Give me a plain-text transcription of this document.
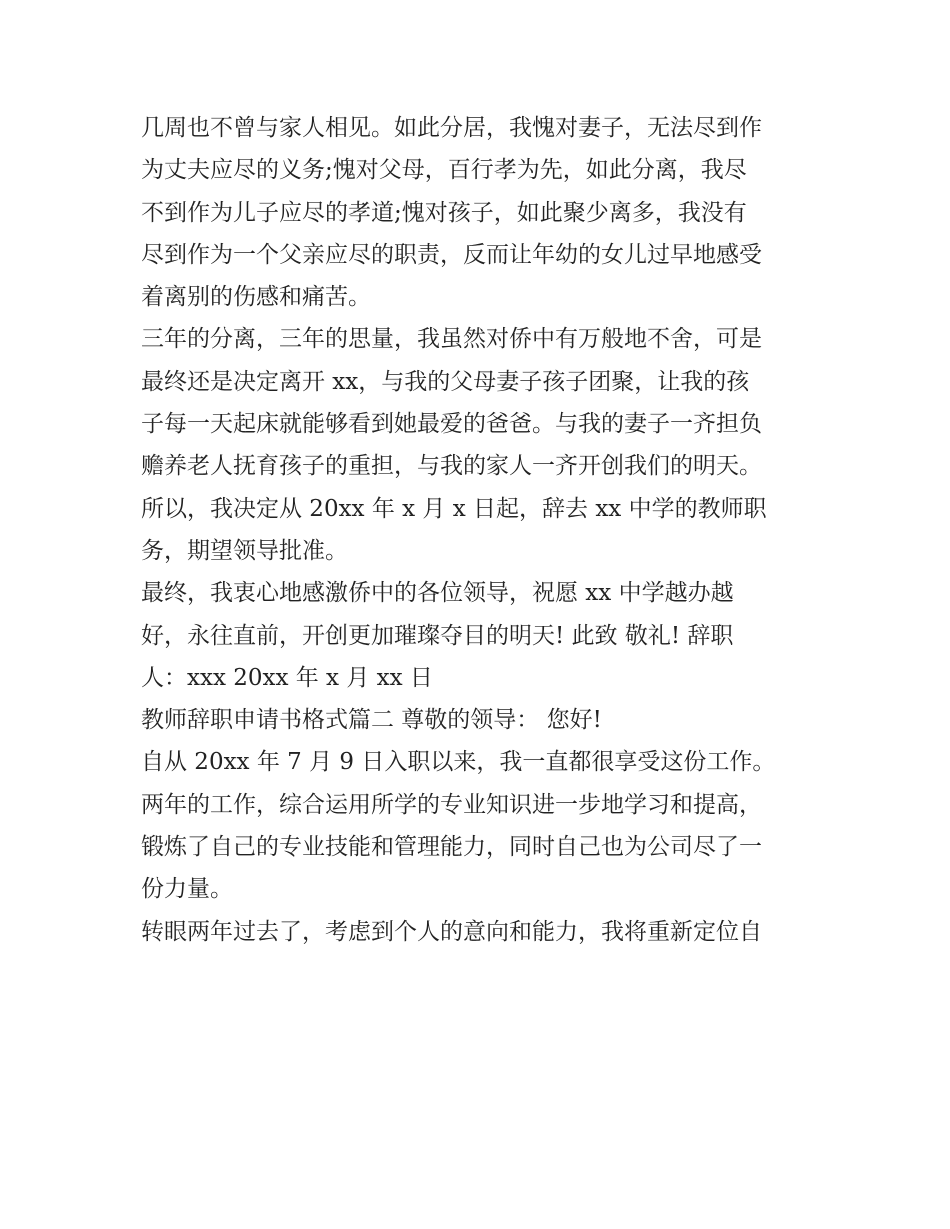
几周也不曾与家人相见。如此分居，我愧对妻子，无法尽到作
为丈夫应尽的义务;愧对父母，百行孝为先，如此分离，我尽
不到作为儿子应尽的孝道;愧对孩子，如此聚少离多，我没有
尽到作为一个父亲应尽的职责，反而让年幼的女儿过早地感受
着离别的伤感和痛苦。
三年的分离，三年的思量，我虽然对侨中有万般地不舍，可是
最终还是决定离开 xx，与我的父母妻子孩子团聚，让我的孩
子每一天起床就能够看到她最爱的爸爸。与我的妻子一齐担负
赡养老人抚育孩子的重担，与我的家人一齐开创我们的明天。
所以，我决定从 20xx 年 x 月 x 日起，辞去 xx 中学的教师职
务，期望领导批准。
最终，我衷心地感激侨中的各位领导，祝愿 xx 中学越办越
好，永往直前，开创更加璀璨夺目的明天! 此致 敬礼! 辞职
人：xxx 20xx 年 x 月 xx 日
教师辞职申请书格式篇二 尊敬的领导： 您好!
自从 20xx 年 7 月 9 日入职以来，我一直都很享受这份工作。
两年的工作，综合运用所学的专业知识进一步地学习和提高，
锻炼了自己的专业技能和管理能力，同时自己也为公司尽了一
份力量。
转眼两年过去了，考虑到个人的意向和能力，我将重新定位自
